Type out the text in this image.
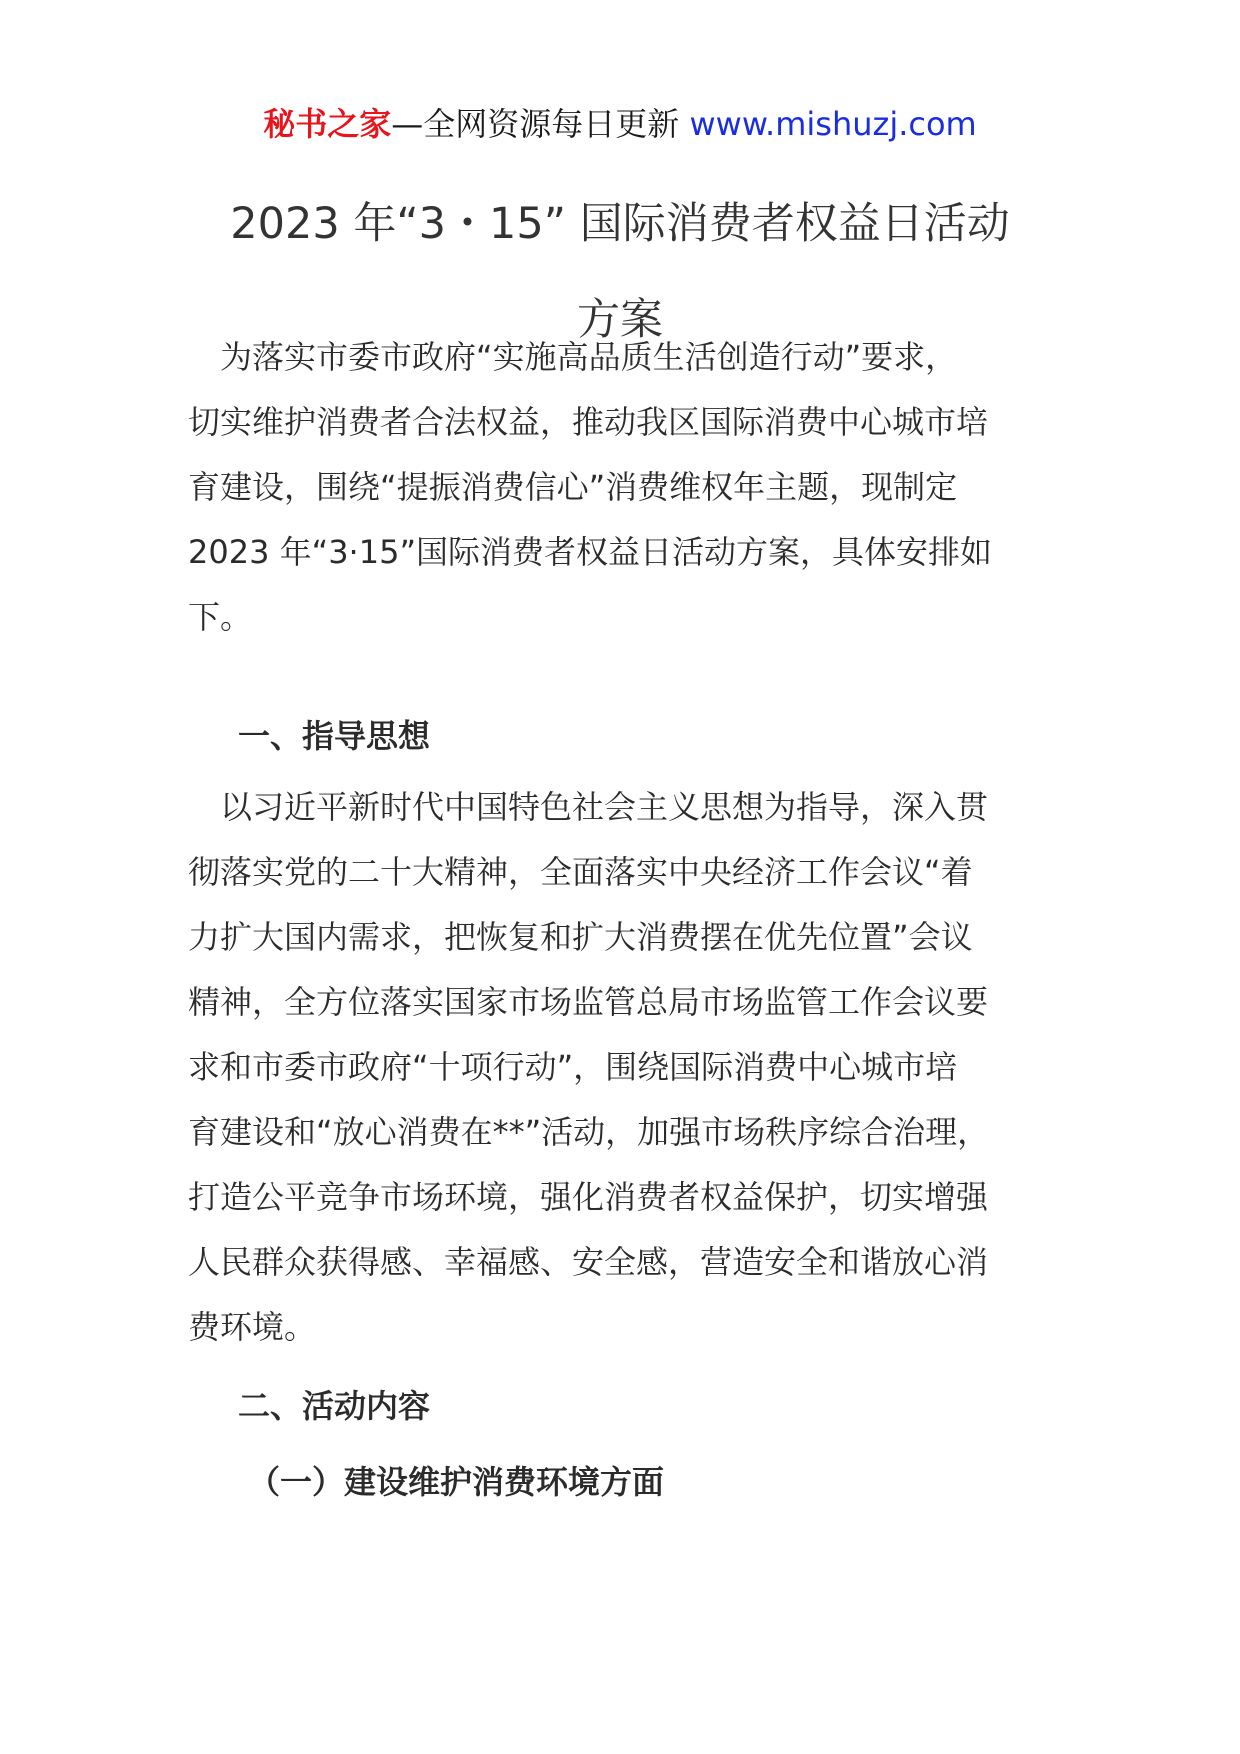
秘书之家—全网资源每日更新 www.mishuzj.com
2023 年“3・15” 国际消费者权益日活动
方案
　为落实市委市政府“实施高品质生活创造行动”要求，
切实维护消费者合法权益，推动我区国际消费中心城市培
育建设，围绕“提振消费信心”消费维权年主题，现制定
2023 年“3·15”国际消费者权益日活动方案，具体安排如
下。
一、指导思想
　以习近平新时代中国特色社会主义思想为指导，深入贯
彻落实党的二十大精神，全面落实中央经济工作会议“着
力扩大国内需求，把恢复和扩大消费摆在优先位置”会议
精神，全方位落实国家市场监管总局市场监管工作会议要
求和市委市政府“十项行动”，围绕国际消费中心城市培
育建设和“放心消费在**”活动，加强市场秩序综合治理，
打造公平竞争市场环境，强化消费者权益保护，切实增强
人民群众获得感、幸福感、安全感，营造安全和谐放心消
费环境。
二、活动内容
（一）建设维护消费环境方面
